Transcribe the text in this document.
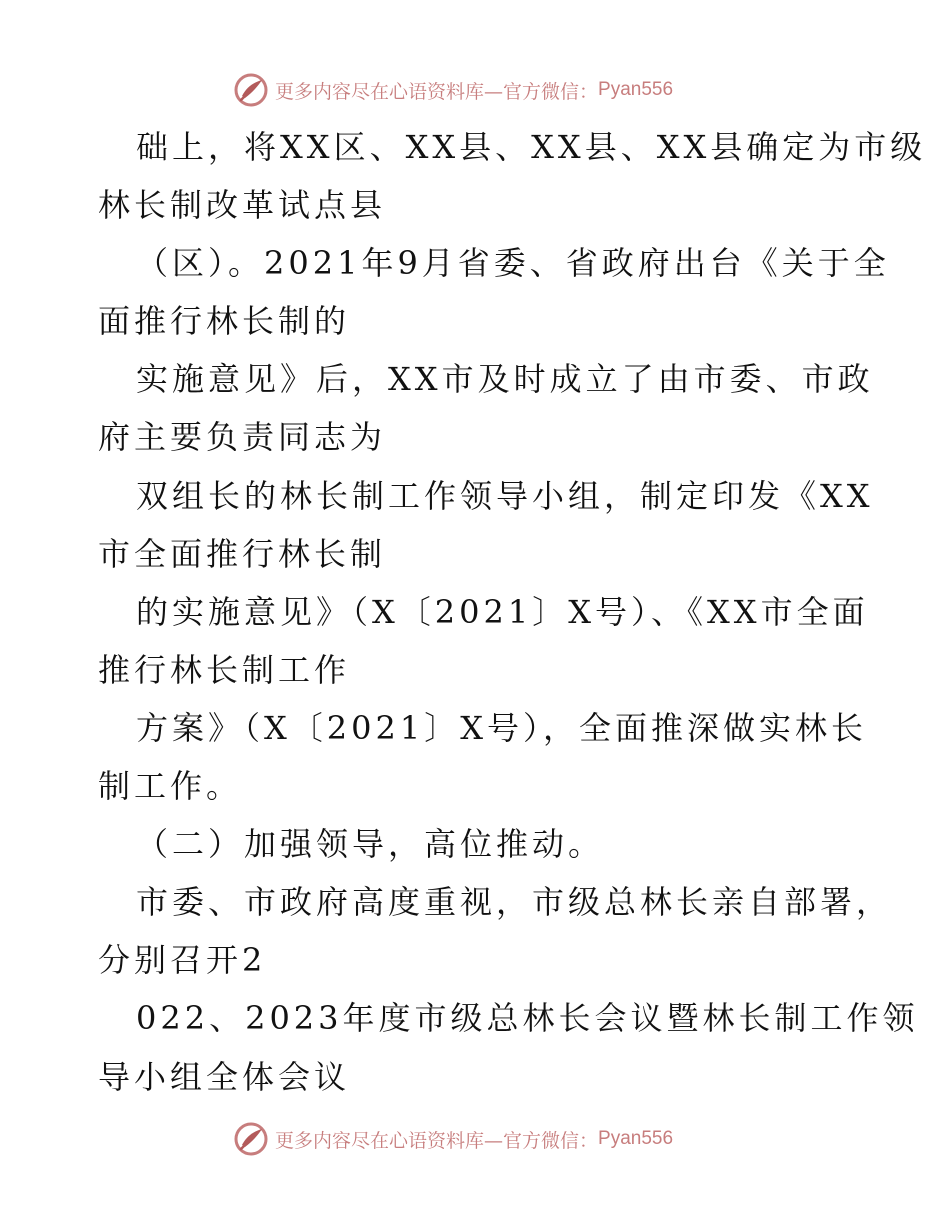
更多内容尽在心语资料库—官方微信： Pyan556
础上，将XX区、XX县、XX县、XX县确定为市级
林长制改革试点县
（区）。2021年9月省委、省政府出台《关于全
面推行林长制的
实施意见》后，XX市及时成立了由市委、市政
府主要负责同志为
双组长的林长制工作领导小组，制定印发《XX
市全面推行林长制
的实施意见》（X〔2021〕X号）、《XX市全面
推行林长制工作
方案》（X〔2021〕X号），全面推深做实林长
制工作。
（二）加强领导，高位推动。
市委、市政府高度重视，市级总林长亲自部署，
分别召开2
022、2023年度市级总林长会议暨林长制工作领
导小组全体会议
更多内容尽在心语资料库—官方微信： Pyan556
